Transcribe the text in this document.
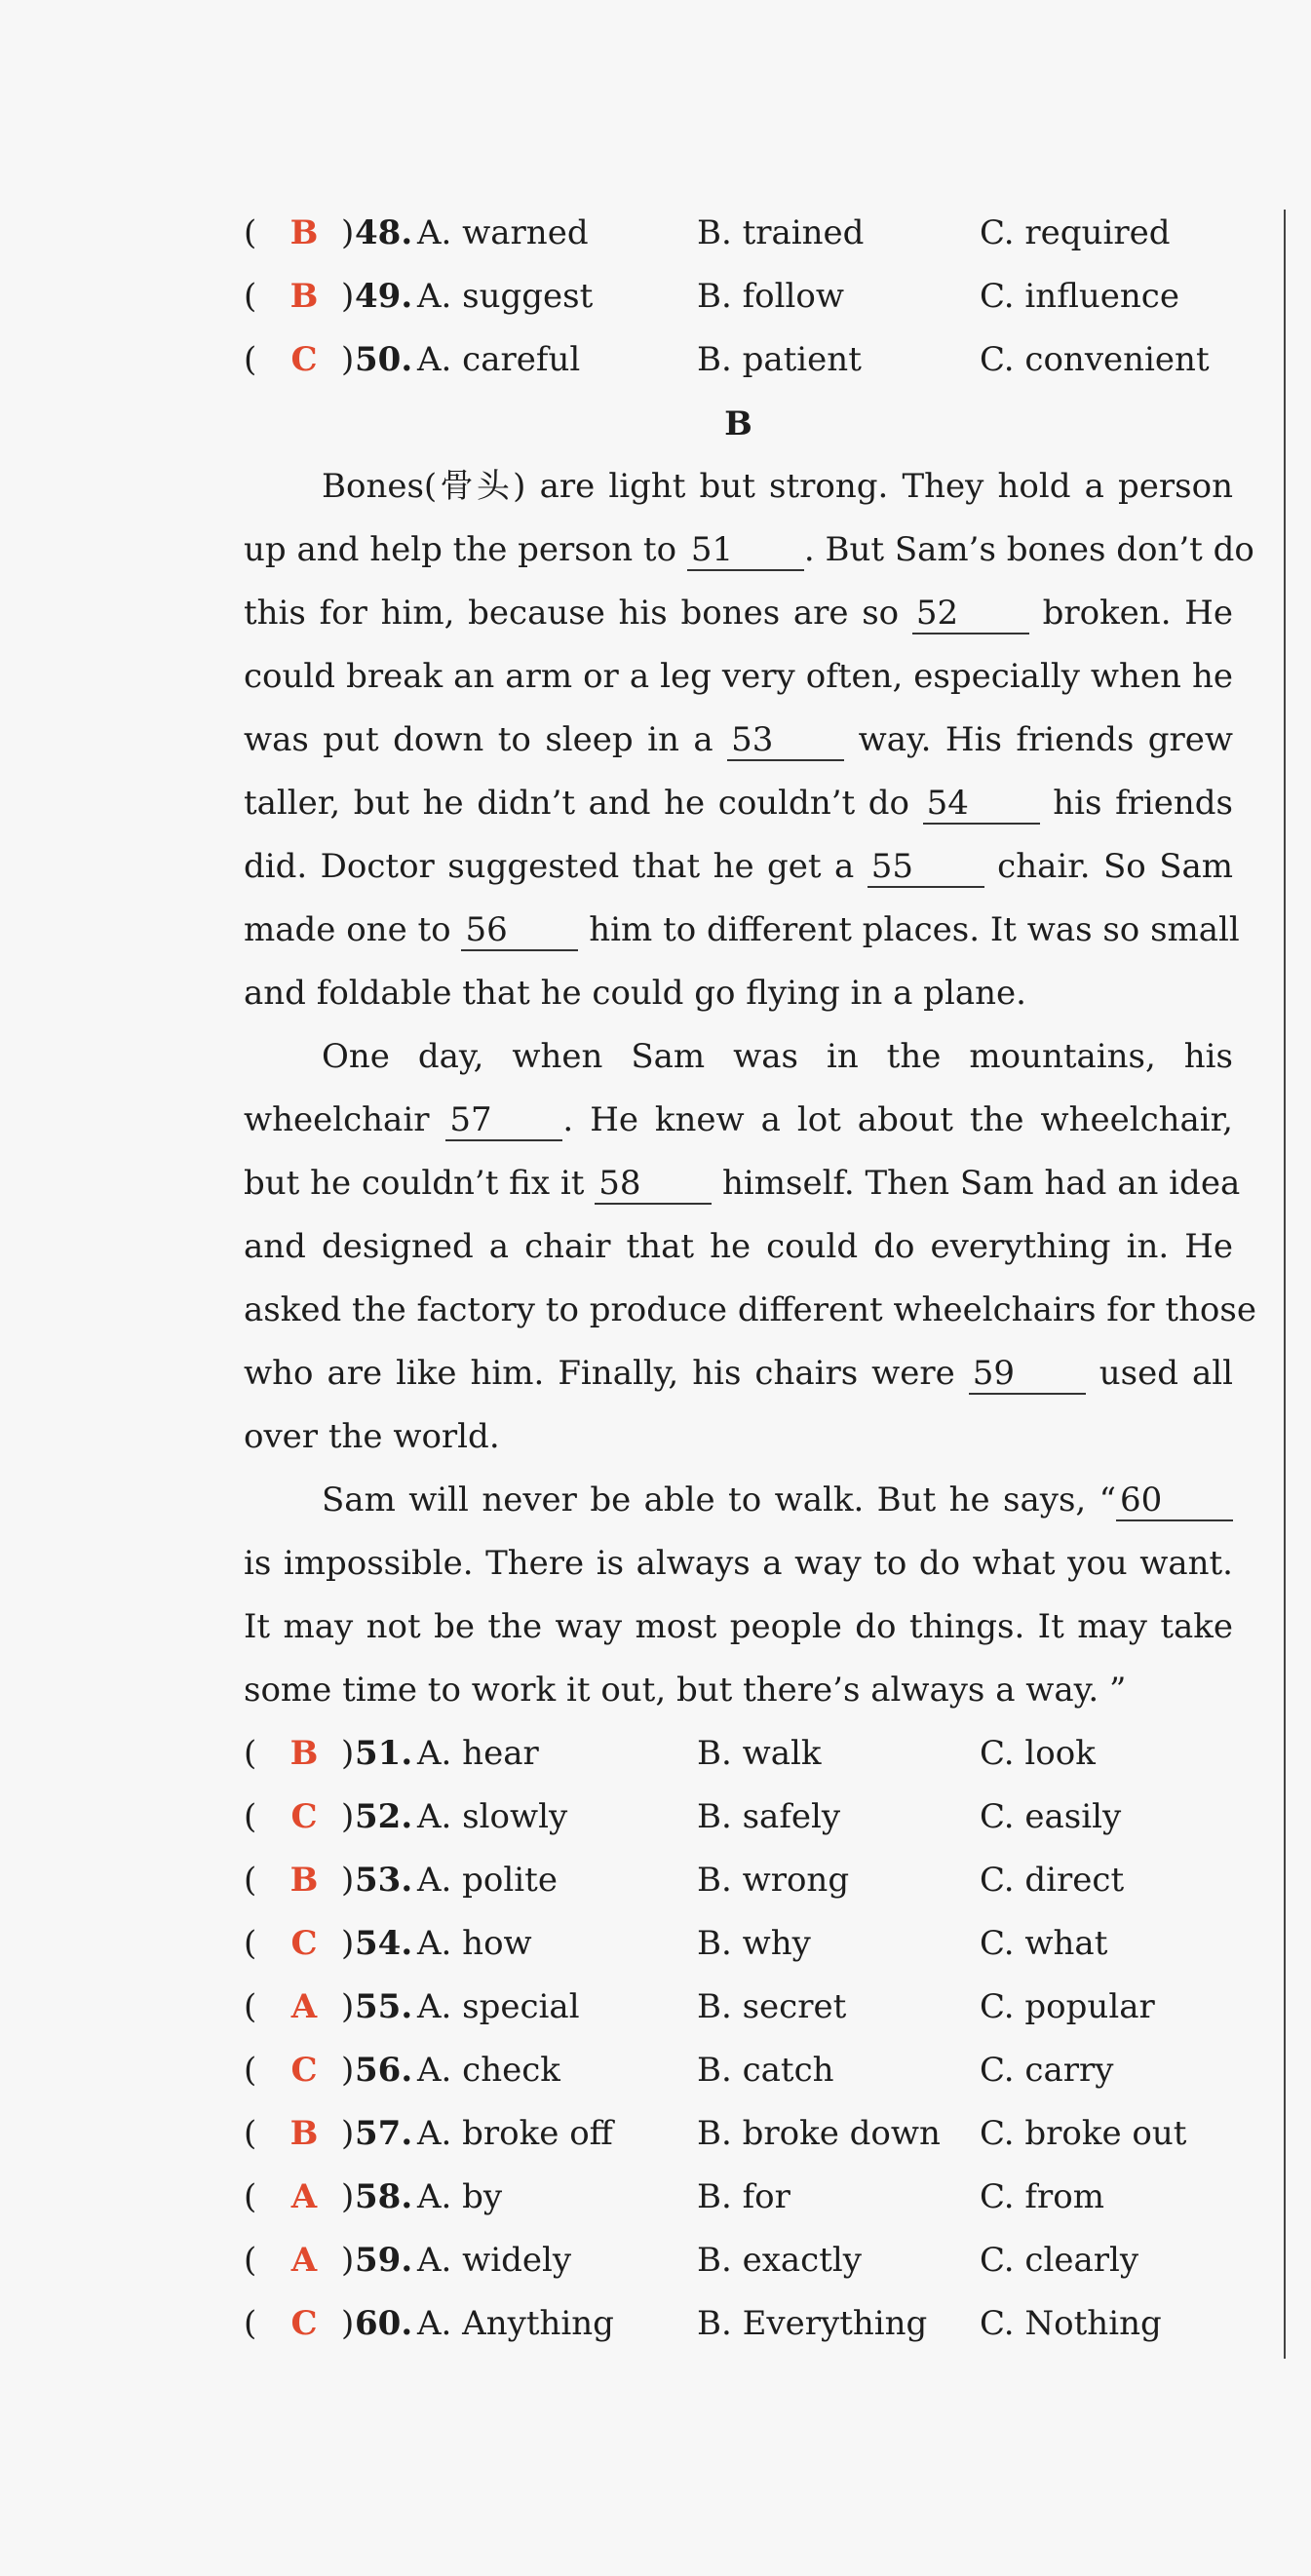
( B ) 48. A. warned	B. trained	C. required
( B ) 49. A. suggest	B. follow	C. influence
( C ) 50. A. careful	B. patient	C. convenient
B
Bones(骨头) are light but strong. They hold a person
up and help the person to 51 . But Sam’s bones don’t do
this for him, because his bones are so 52	broken. He
could break an arm or a leg very often, especially when he
was put down to sleep in a 53	way. His friends grew
taller, but he didn’t and he couldn’t do 54	his friends
did. Doctor suggested that he get a 55	chair. So Sam
made one to 56 him to different places. It was so small
and foldable that he could go flying in a plane.
One day, when Sam was in the mountains, his
wheelchair 57 . He knew a lot about the wheelchair,
but he couldn’t fix it 58 himself. Then Sam had an idea
and designed a chair that he could do everything in. He
asked the factory to produce different wheelchairs for those
who are like him. Finally, his chairs were 59	used all
over the world.
Sam will never be able to walk. But he says, “ 60
is impossible. There is always a way to do what you want.
It may not be the way most people do things. It may take
some time to work it out, but there’s always a way. ”
( B ) 51. A. hear	B. walk	C. look
( C ) 52. A. slowly	B. safely	C. easily
( B ) 53. A. polite	B. wrong	C. direct
( C ) 54. A. how	B. why	C. what
( A ) 55. A. special	B. secret	C. popular
( C ) 56. A. check	B. catch	C. carry
( B ) 57. A. broke off	B. broke down C. broke out
( A ) 58. A. by	B. for	C. from
( A ) 59. A. widely	B. exactly	C. clearly
( C ) 60. A. Anything	B. Everything C. Nothing
